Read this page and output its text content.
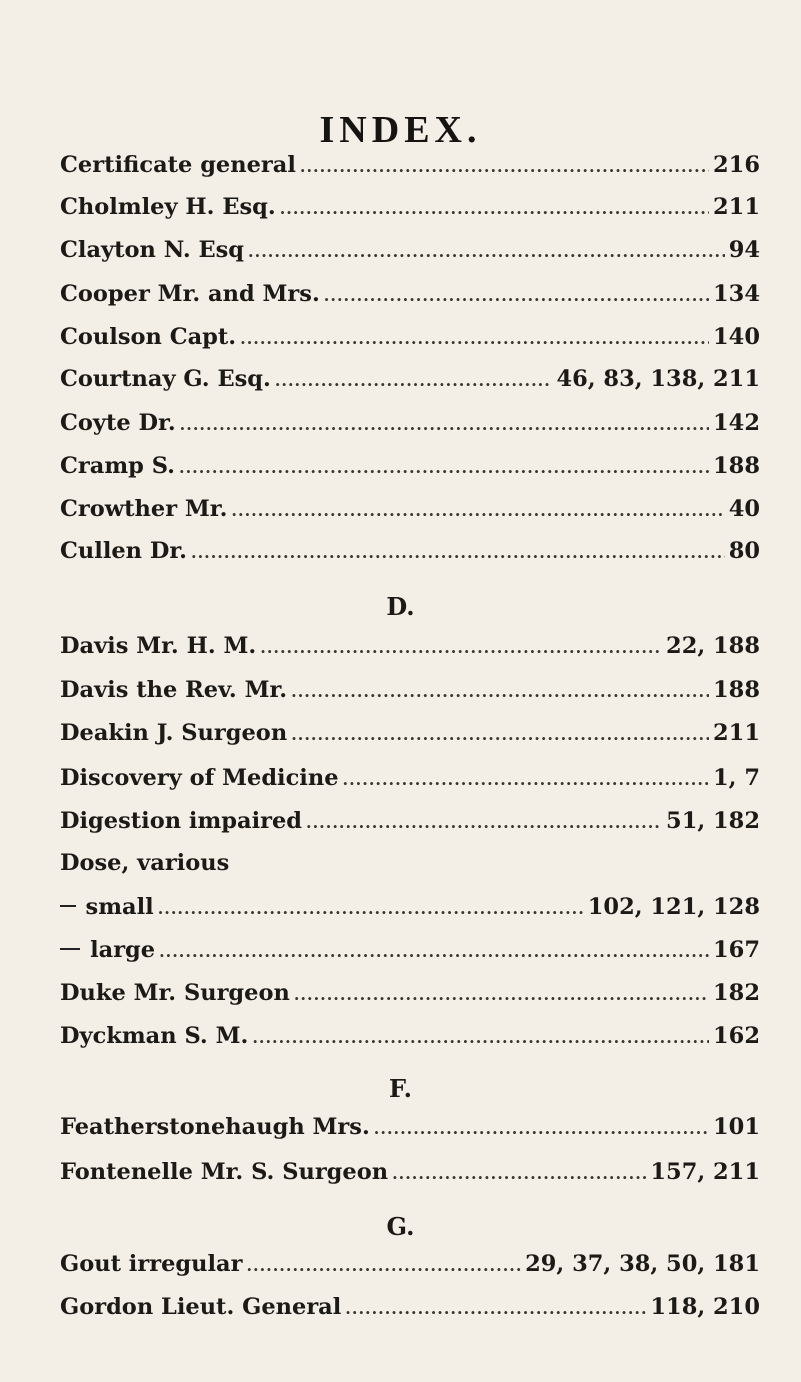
INDEX.
Certificate general .....	216
Cholmley H. Esq. .....	211
Clayton N. Esq .....	94
Cooper Mr. and Mrs. .....	134
Coulson Capt. .....	140
Courtnay G. Esq. .....	46, 83, 138, 211
Coyte Dr. .....	142
Cramp S. .....	188
Crowther Mr. .....	40
Cullen Dr. .....	80
D.
Davis Mr. H. M. .....	22, 188
Davis the Rev. Mr. .....	188
Deakin J. Surgeon .....	211
Discovery of Medicine .....	1, 7
Digestion impaired .....	51, 182
Dose, various
small .....	102, 121, 128
large .....	167
Duke Mr. Surgeon .....	182
Dyckman S. M. .....	162
F.
Featherstonehaugh Mrs. .....	101
Fontenelle Mr. S. Surgeon .....	157, 211
G.
Gout irregular .....	29, 37, 38, 50, 181
Gordon Lieut. General .....	118, 210
